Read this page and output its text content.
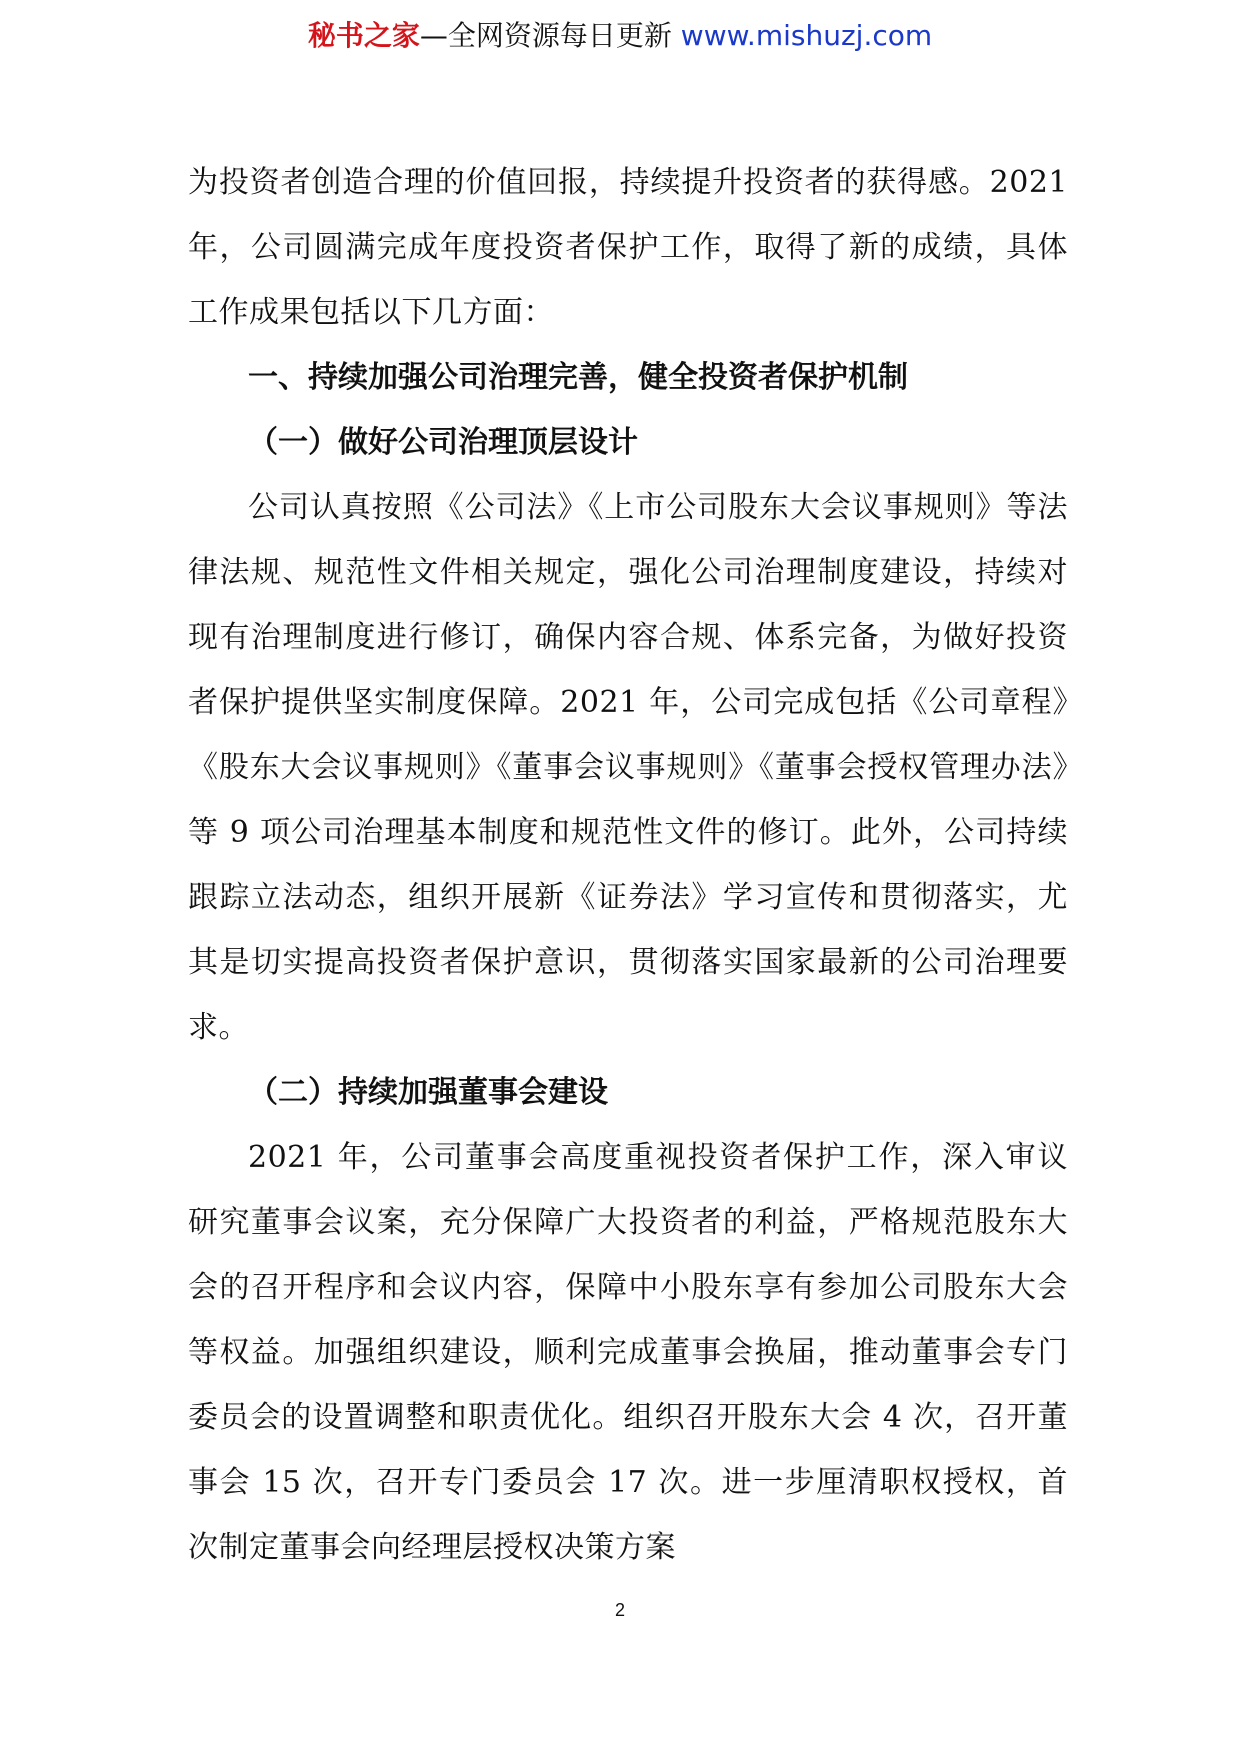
秘书之家—全网资源每日更新 www.mishuzj.com

为投资者创造合理的价值回报，持续提升投资者的获得感。2021 年，公司圆满完成年度投资者保护工作，取得了新的成绩，具体工作成果包括以下几方面：

一、持续加强公司治理完善，健全投资者保护机制

（一）做好公司治理顶层设计

公司认真按照《公司法》《上市公司股东大会议事规则》等法律法规、规范性文件相关规定，强化公司治理制度建设，持续对现有治理制度进行修订，确保内容合规、体系完备，为做好投资者保护提供坚实制度保障。2021 年，公司完成包括《公司章程》《股东大会议事规则》《董事会议事规则》《董事会授权管理办法》等 9 项公司治理基本制度和规范性文件的修订。此外，公司持续跟踪立法动态，组织开展新《证券法》学习宣传和贯彻落实，尤其是切实提高投资者保护意识，贯彻落实国家最新的公司治理要求。

（二）持续加强董事会建设

2021 年，公司董事会高度重视投资者保护工作，深入审议研究董事会议案，充分保障广大投资者的利益，严格规范股东大会的召开程序和会议内容，保障中小股东享有参加公司股东大会等权益。加强组织建设，顺利完成董事会换届，推动董事会专门委员会的设置调整和职责优化。组织召开股东大会 4 次，召开董事会 15 次，召开专门委员会 17 次。进一步厘清职权授权，首次制定董事会向经理层授权决策方案

2
